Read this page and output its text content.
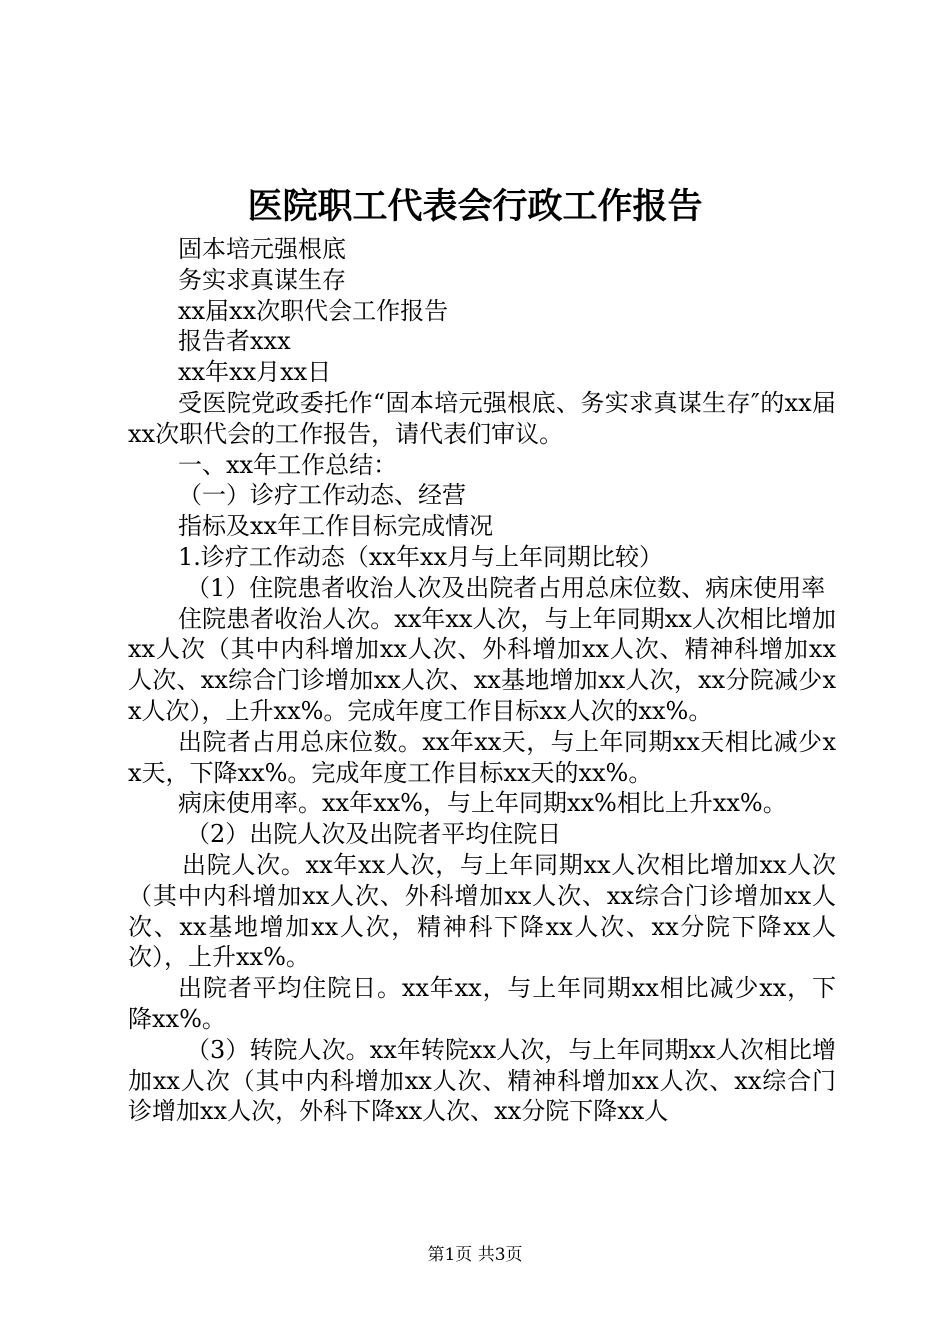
医院职工代表会行政工作报告

固本培元强根底

务实求真谋生存

xx届xx次职代会工作报告

报告者xxx

xx年xx月xx日

受医院党政委托作“固本培元强根底、务实求真谋生存″的xx届xx次职代会的工作报告，请代表们审议。

一、xx年工作总结：

（一）诊疗工作动态、经营

指标及xx年工作目标完成情况

1.诊疗工作动态（xx年xx月与上年同期比较）

（1）住院患者收治人次及出院者占用总床位数、病床使用率

住院患者收治人次。xx年xx人次，与上年同期xx人次相比增加xx人次（其中内科增加xx人次、外科增加xx人次、精神科增加xx人次、xx综合门诊增加xx人次、xx基地增加xx人次，xx分院减少xx人次），上升xx%。完成年度工作目标xx人次的xx%。

出院者占用总床位数。xx年xx天，与上年同期xx天相比减少xx天，下降xx%。完成年度工作目标xx天的xx%。

病床使用率。xx年xx%，与上年同期xx%相比上升xx%。

（2）出院人次及出院者平均住院日

出院人次。xx年xx人次，与上年同期xx人次相比增加xx人次（其中内科增加xx人次、外科增加xx人次、xx综合门诊增加xx人次、xx基地增加xx人次，精神科下降xx人次、xx分院下降xx人次），上升xx%。

出院者平均住院日。xx年xx，与上年同期xx相比减少xx，下降xx%。

（3）转院人次。xx年转院xx人次，与上年同期xx人次相比增加xx人次（其中内科增加xx人次、精神科增加xx人次、xx综合门诊增加xx人次，外科下降xx人次、xx分院下降xx人

第1页 共3页
